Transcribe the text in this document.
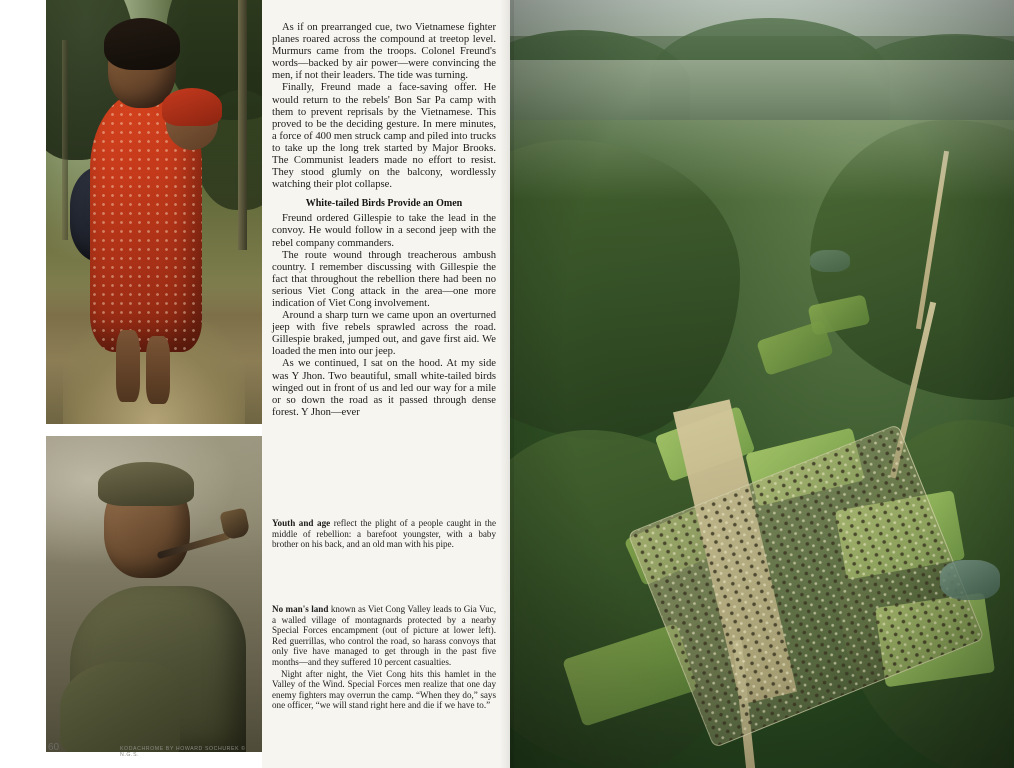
60	KODACHROME BY HOWARD SOCHUREK © N.G.S.

As if on prearranged cue, two Vietnamese fighter planes roared across the compound at treetop level. Murmurs came from the troops. Colonel Freund's words—backed by air power—were convincing the men, if not their leaders. The tide was turning.

Finally, Freund made a face-saving offer. He would return to the rebels' Bon Sar Pa camp with them to prevent reprisals by the Vietnamese. This proved to be the deciding gesture. In mere minutes, a force of 400 men struck camp and piled into trucks to take up the long trek started by Major Brooks. The Communist leaders made no effort to resist. They stood glumly on the balcony, wordlessly watching their plot collapse.

White-tailed Birds Provide an Omen

Freund ordered Gillespie to take the lead in the convoy. He would follow in a second jeep with the rebel company commanders.

The route wound through treacherous ambush country. I remember discussing with Gillespie the fact that throughout the rebellion there had been no serious Viet Cong attack in the area—one more indication of Viet Cong involvement.

Around a sharp turn we came upon an overturned jeep with five rebels sprawled across the road. Gillespie braked, jumped out, and gave first aid. We loaded the men into our jeep.

As we continued, I sat on the hood. At my side was Y Jhon. Two beautiful, small white-tailed birds winged out in front of us and led our way for a mile or so down the road as it passed through dense forest. Y Jhon—ever

Youth and age reflect the plight of a people caught in the middle of rebellion: a barefoot youngster, with a baby brother on his back, and an old man with his pipe.

No man's land known as Viet Cong Valley leads to Gia Vuc, a walled village of montagnards protected by a nearby Special Forces encampment (out of picture at lower left). Red guerrillas, who control the road, so harass convoys that only five have managed to get through in the past five months—and they suffered 10 percent casualties.

Night after night, the Viet Cong hits this hamlet in the Valley of the Wind. Special Forces men realize that one day enemy fighters may overrun the camp. “When they do,” says one officer, “we will stand right here and die if we have to.”
